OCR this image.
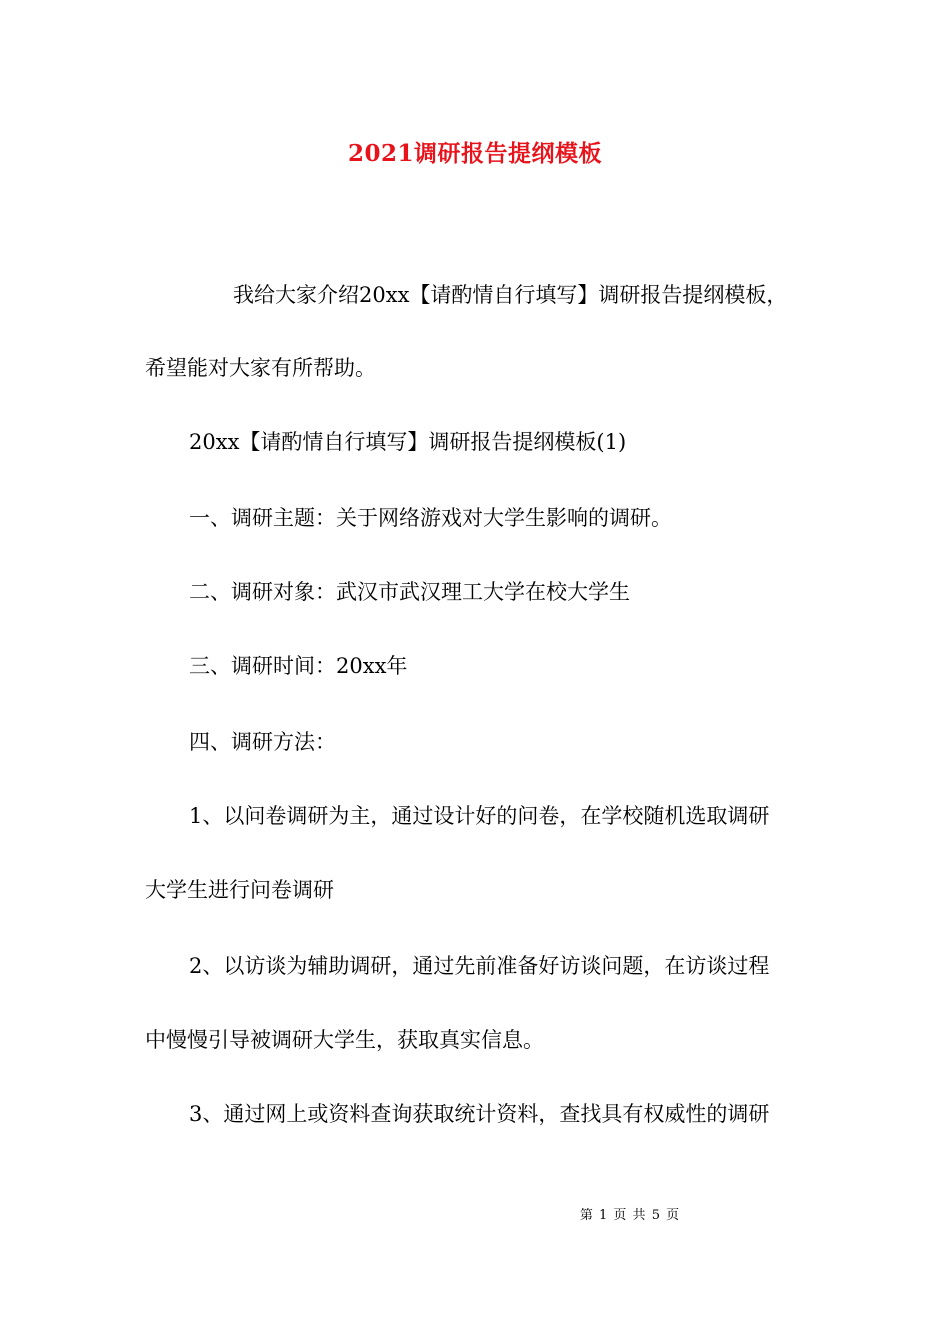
2021调研报告提纲模板
我给大家介绍20xx【请酌情自行填写】调研报告提纲模板，
希望能对大家有所帮助。
20xx【请酌情自行填写】调研报告提纲模板(1)
一、调研主题：关于网络游戏对大学生影响的调研。
二、调研对象：武汉市武汉理工大学在校大学生
三、调研时间：20xx年
四、调研方法：
1、以问卷调研为主，通过设计好的问卷，在学校随机选取调研
大学生进行问卷调研
2、以访谈为辅助调研，通过先前准备好访谈问题，在访谈过程
中慢慢引导被调研大学生，获取真实信息。
3、通过网上或资料查询获取统计资料，查找具有权威性的调研
第 1 页 共 5 页
